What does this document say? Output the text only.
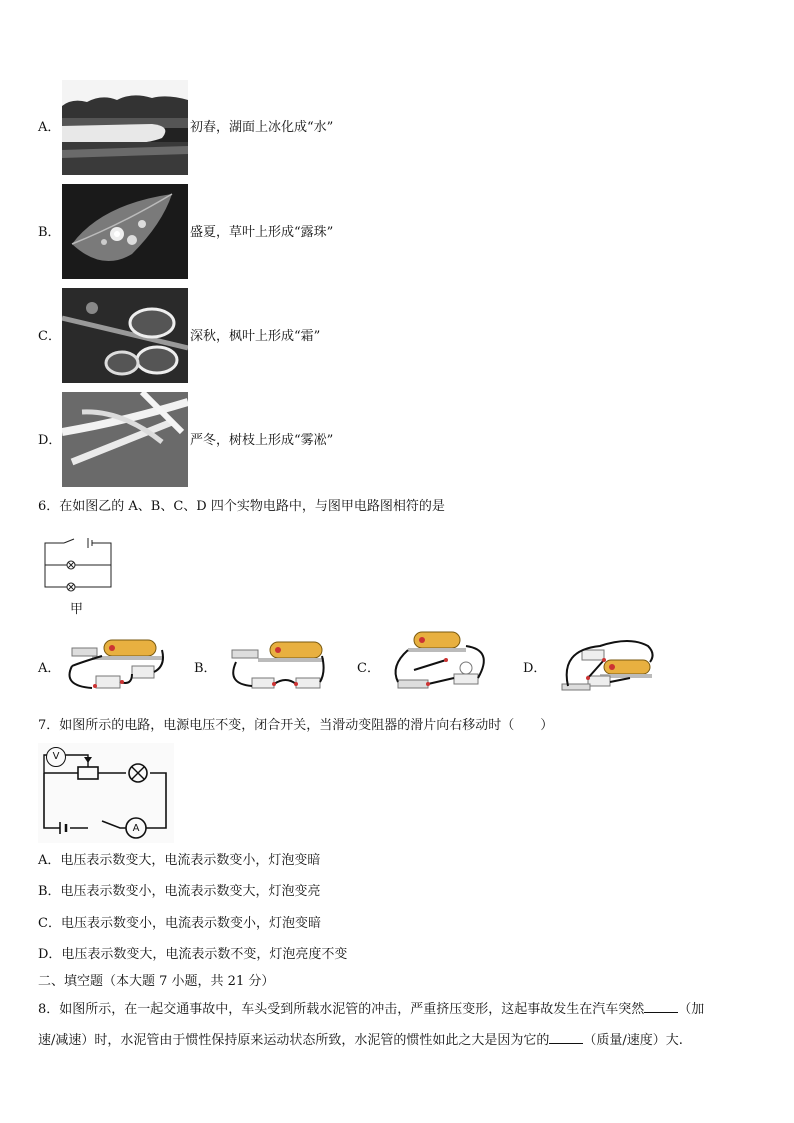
A．	初春，湖面上冰化成“水”
B．	盛夏，草叶上形成“露珠”
C．	深秋，枫叶上形成“霜”
D．	严冬，树枝上形成“雾凇”
6．在如图乙的 A、B、C、D 四个实物电路中，与图甲电路图相符的是
甲
A．	B．	C．	D．
7．如图所示的电路，电源电压不变，闭合开关，当滑动变阻器的滑片向右移动时（　　）
V
A
A．电压表示数变大，电流表示数变小，灯泡变暗
B．电压表示数变小，电流表示数变大，灯泡变亮
C．电压表示数变小，电流表示数变小，灯泡变暗
D．电压表示数变大，电流表示数不变，灯泡亮度不变
二、填空题（本大题 7 小题，共 21 分）
8．如图所示，在一起交通事故中，车头受到所载水泥管的冲击，严重挤压变形，这起事故发生在汽车突然	（加
速/减速）时，水泥管由于惯性保持原来运动状态所致，水泥管的惯性如此之大是因为它的	（质量/速度）大.
